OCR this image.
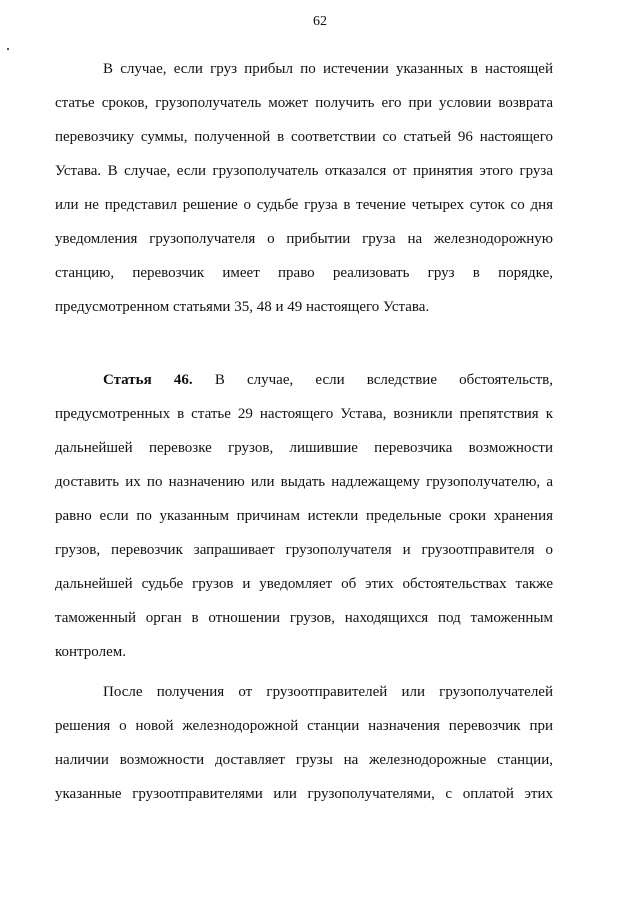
62
В случае, если груз прибыл по истечении указанных в настоящей
статье сроков, грузополучатель может получить его при условии возврата
перевозчику суммы, полученной в соответствии со статьей 96 настоящего
Устава. В случае, если грузополучатель отказался от принятия этого груза
или не представил решение о судьбе груза в течение четырех суток со дня
уведомления грузополучателя о прибытии груза на железнодорожную
станцию, перевозчик имеет право реализовать груз в порядке,
предусмотренном статьями 35, 48 и 49 настоящего Устава.
Статья 46. В случае, если вследствие обстоятельств,
предусмотренных в статье 29 настоящего Устава, возникли препятствия к
дальнейшей перевозке грузов, лишившие перевозчика возможности
доставить их по назначению или выдать надлежащему грузополучателю, а
равно если по указанным причинам истекли предельные сроки хранения
грузов, перевозчик запрашивает грузополучателя и грузоотправителя о
дальнейшей судьбе грузов и уведомляет об этих обстоятельствах также
таможенный орган в отношении грузов, находящихся под таможенным
контролем.
После получения от грузоотправителей или грузополучателей
решения о новой железнодорожной станции назначения перевозчик при
наличии возможности доставляет грузы на железнодорожные станции,
указанные грузоотправителями или грузополучателями, с оплатой этих
